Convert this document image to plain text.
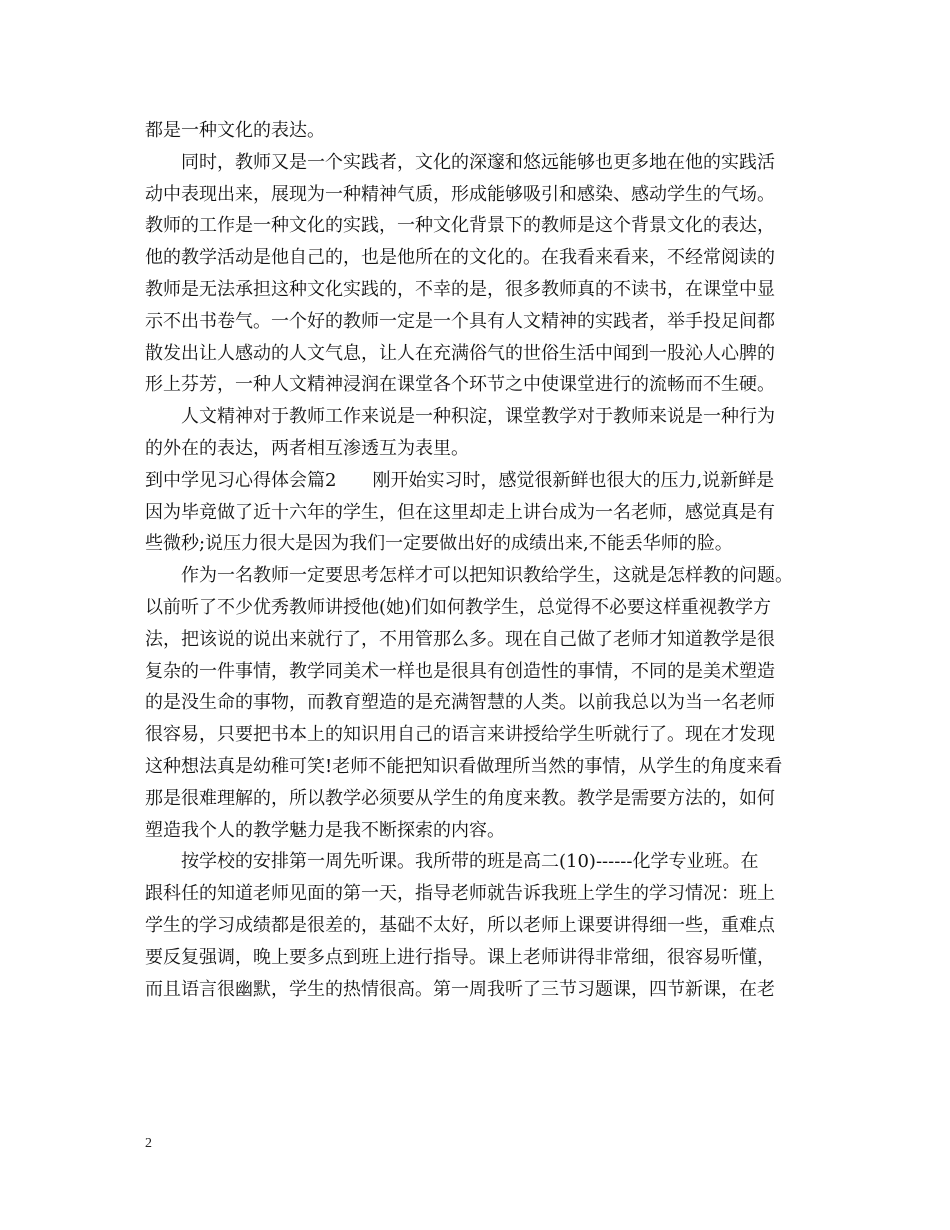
都是一种文化的表达。
　　同时，教师又是一个实践者，文化的深邃和悠远能够也更多地在他的实践活
动中表现出来，展现为一种精神气质，形成能够吸引和感染、感动学生的气场。
教师的工作是一种文化的实践，一种文化背景下的教师是这个背景文化的表达，
他的教学活动是他自己的，也是他所在的文化的。在我看来看来，不经常阅读的
教师是无法承担这种文化实践的，不幸的是，很多教师真的不读书，在课堂中显
示不出书卷气。一个好的教师一定是一个具有人文精神的实践者，举手投足间都
散发出让人感动的人文气息，让人在充满俗气的世俗生活中闻到一股沁人心脾的
形上芬芳，一种人文精神浸润在课堂各个环节之中使课堂进行的流畅而不生硬。
　　人文精神对于教师工作来说是一种积淀，课堂教学对于教师来说是一种行为
的外在的表达，两者相互渗透互为表里。
到中学见习心得体会篇2　　刚开始实习时，感觉很新鲜也很大的压力,说新鲜是
因为毕竟做了近十六年的学生，但在这里却走上讲台成为一名老师，感觉真是有
些微秒;说压力很大是因为我们一定要做出好的成绩出来,不能丢华师的脸。
　　作为一名教师一定要思考怎样才可以把知识教给学生，这就是怎样教的问题。
以前听了不少优秀教师讲授他(她)们如何教学生，总觉得不必要这样重视教学方
法，把该说的说出来就行了，不用管那么多。现在自己做了老师才知道教学是很
复杂的一件事情，教学同美术一样也是很具有创造性的事情，不同的是美术塑造
的是没生命的事物，而教育塑造的是充满智慧的人类。以前我总以为当一名老师
很容易，只要把书本上的知识用自己的语言来讲授给学生听就行了。现在才发现
这种想法真是幼稚可笑!老师不能把知识看做理所当然的事情，从学生的角度来看
那是很难理解的，所以教学必须要从学生的角度来教。教学是需要方法的，如何
塑造我个人的教学魅力是我不断探索的内容。
　　按学校的安排第一周先听课。我所带的班是高二(10)------化学专业班。在
跟科任的知道老师见面的第一天，指导老师就告诉我班上学生的学习情况：班上
学生的学习成绩都是很差的，基础不太好，所以老师上课要讲得细一些，重难点
要反复强调，晚上要多点到班上进行指导。课上老师讲得非常细，很容易听懂，
而且语言很幽默，学生的热情很高。第一周我听了三节习题课，四节新课，在老
2
